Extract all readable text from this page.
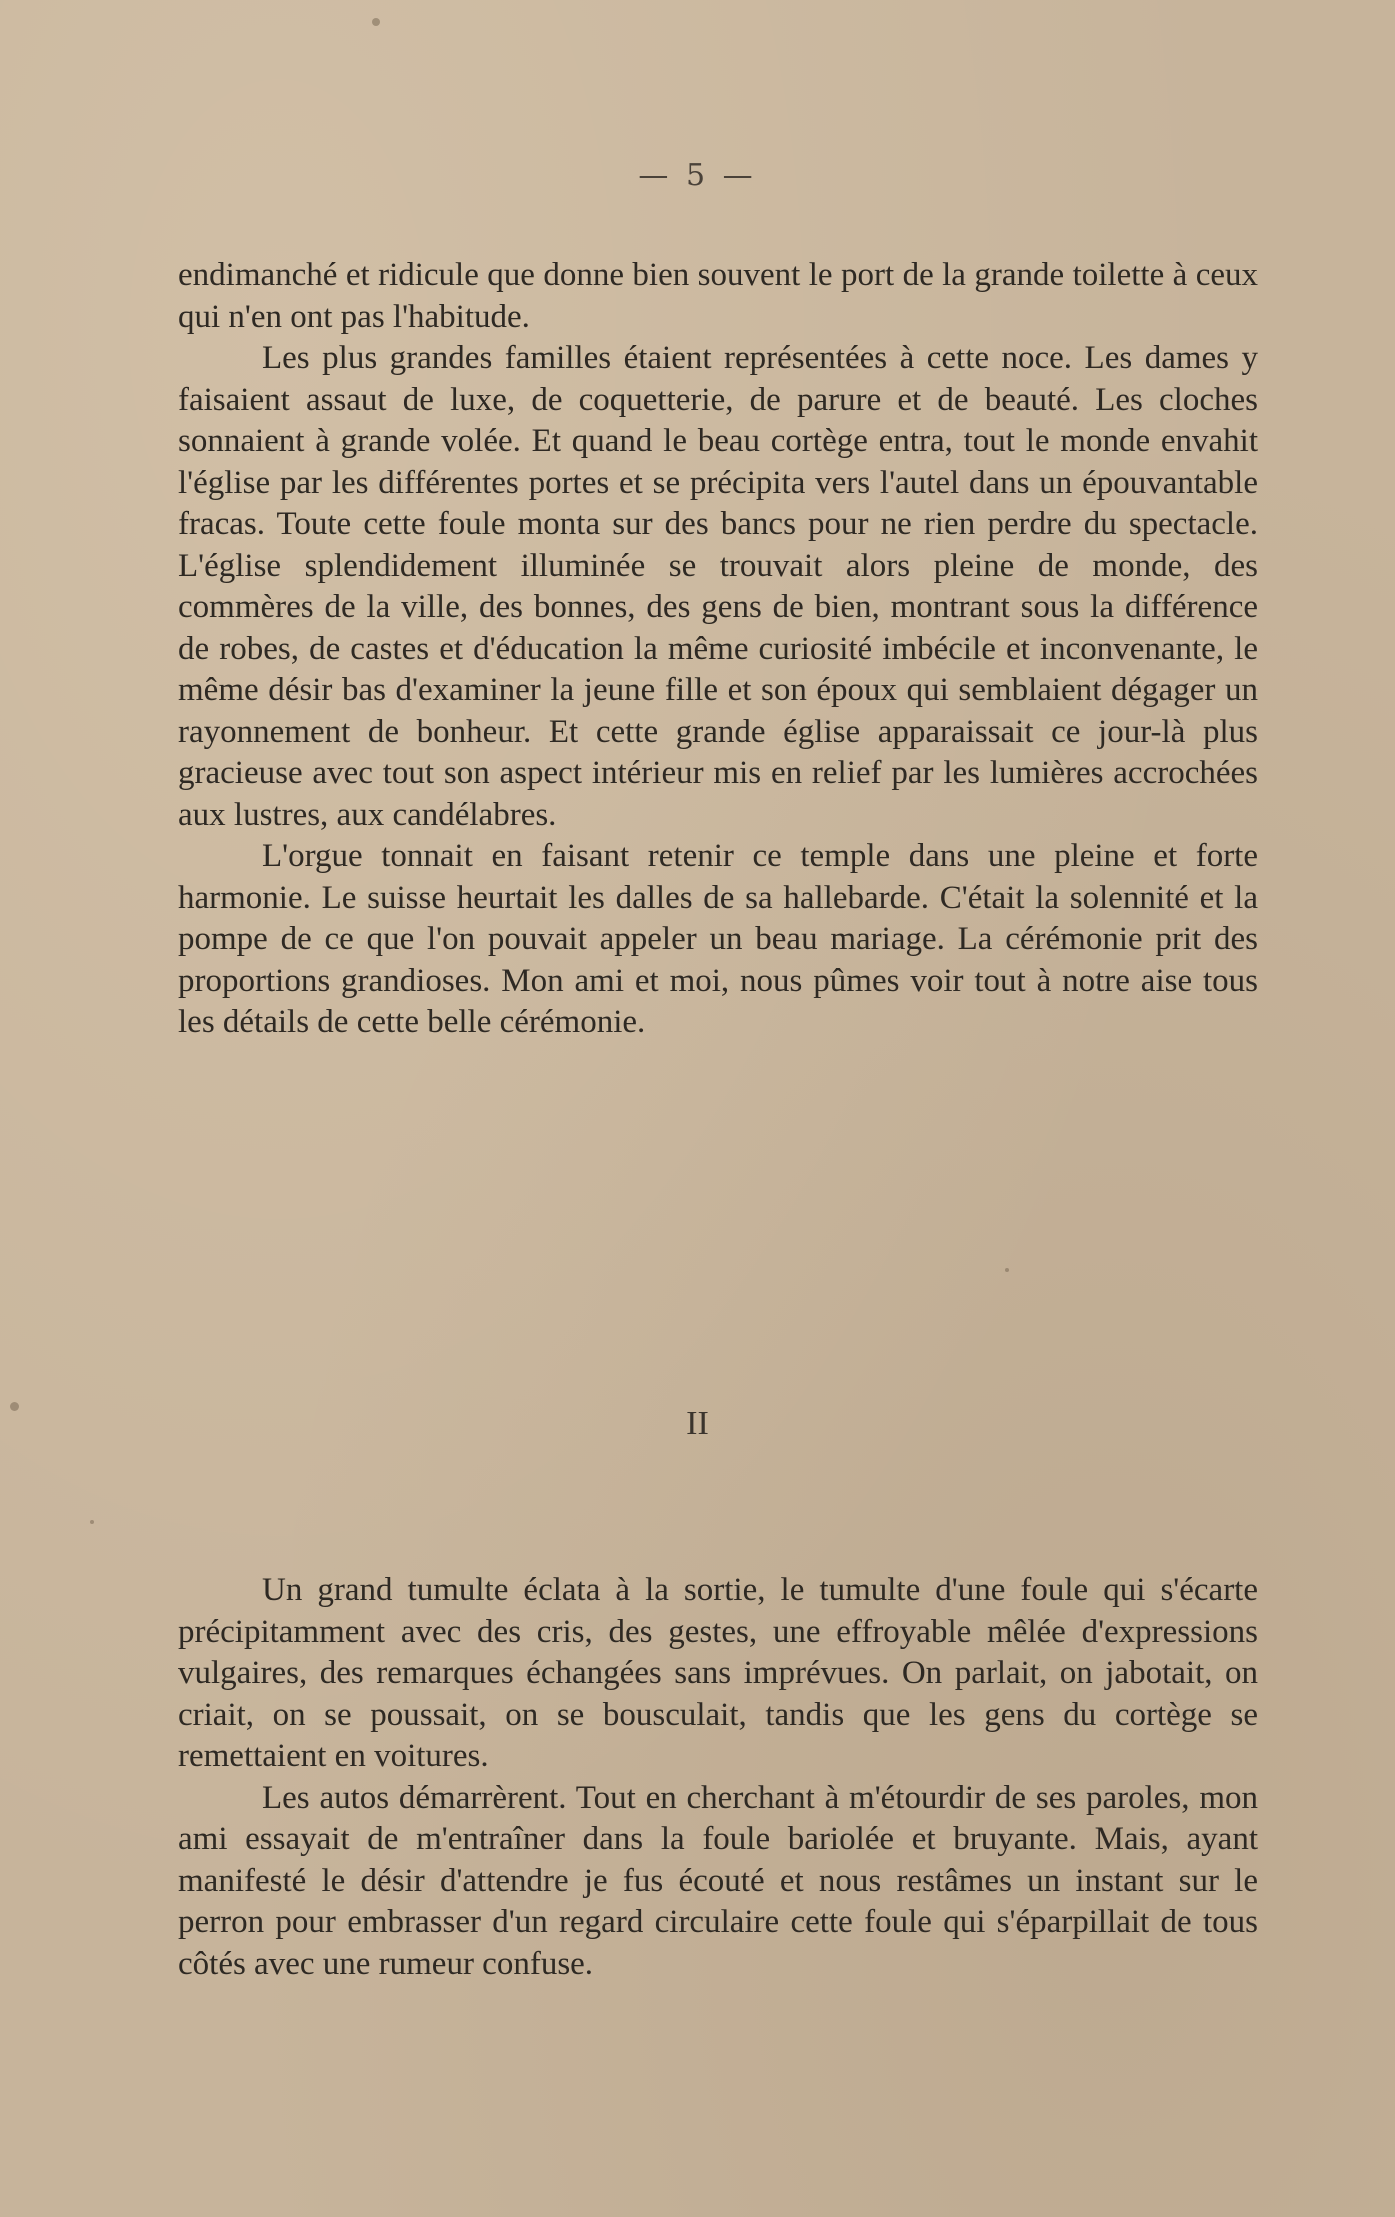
— 5 —

endimanché et ridicule que donne bien souvent le port de la grande toilette à ceux qui n'en ont pas l'habitude.

Les plus grandes familles étaient représentées à cette noce. Les dames y faisaient assaut de luxe, de coquetterie, de parure et de beauté. Les cloches sonnaient à grande volée. Et quand le beau cortège entra, tout le monde envahit l'église par les différentes portes et se précipita vers l'autel dans un épouvantable fracas. Toute cette foule monta sur des bancs pour ne rien perdre du spectacle. L'église splendidement illuminée se trouvait alors pleine de monde, des commères de la ville, des bonnes, des gens de bien, montrant sous la différence de robes, de castes et d'éducation la même curiosité imbécile et inconvenante, le même désir bas d'examiner la jeune fille et son époux qui semblaient dégager un rayonnement de bonheur. Et cette grande église apparaissait ce jour-là plus gracieuse avec tout son aspect intérieur mis en relief par les lumières accrochées aux lustres, aux candélabres.

L'orgue tonnait en faisant retenir ce temple dans une pleine et forte harmonie. Le suisse heurtait les dalles de sa hallebarde. C'était la solennité et la pompe de ce que l'on pouvait appeler un beau mariage. La cérémonie prit des proportions grandioses. Mon ami et moi, nous pûmes voir tout à notre aise tous les détails de cette belle cérémonie.

II

Un grand tumulte éclata à la sortie, le tumulte d'une foule qui s'écarte précipitamment avec des cris, des gestes, une effroyable mêlée d'expressions vulgaires, des remarques échangées sans imprévues. On parlait, on jabotait, on criait, on se poussait, on se bousculait, tandis que les gens du cortège se remettaient en voitures.

Les autos démarrèrent. Tout en cherchant à m'étourdir de ses paroles, mon ami essayait de m'entraîner dans la foule bariolée et bruyante. Mais, ayant manifesté le désir d'attendre je fus écouté et nous restâmes un instant sur le perron pour embrasser d'un regard circulaire cette foule qui s'éparpillait de tous côtés avec une rumeur confuse.
